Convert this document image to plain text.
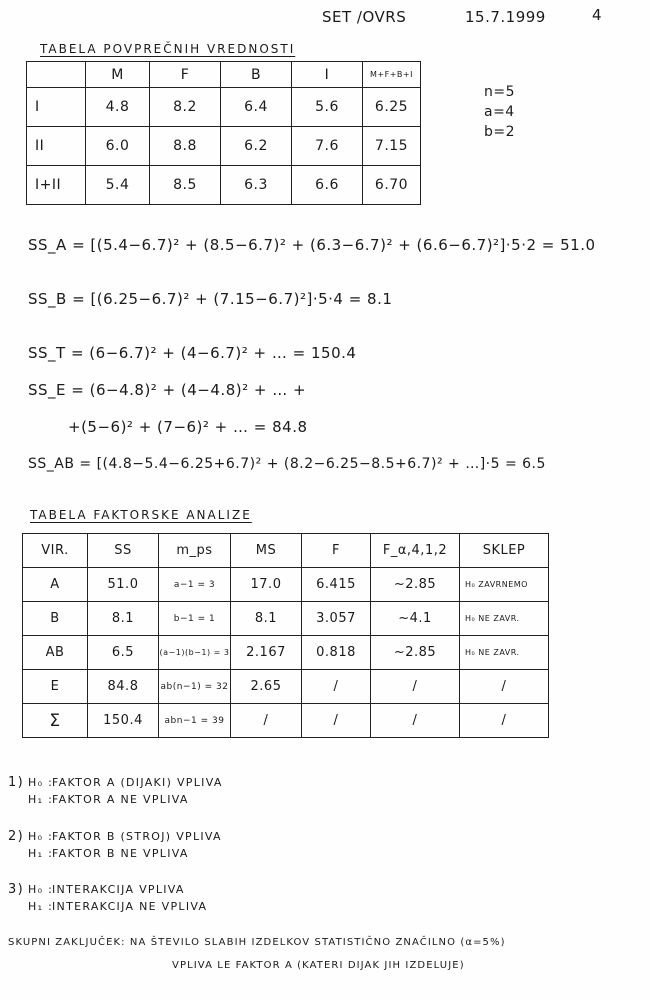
SET /OVRS	15.7.1999	4
TABELA POVPREČNIH VREDNOSTI
	M	F	B	I	M+F+B+I
I	4.8	8.2	6.4	5.6	6.25
II	6.0	8.8	6.2	7.6	7.15
I+II	5.4	8.5	6.3	6.6	6.70
n=5
a=4
b=2
SS_A = [(5.4−6.7)² + (8.5−6.7)² + (6.3−6.7)² + (6.6−6.7)²]·5·2 = 51.0
SS_B = [(6.25−6.7)² + (7.15−6.7)²]·5·4 = 8.1
SS_T = (6−6.7)² + (4−6.7)² + … = 150.4
SS_E = (6−4.8)² + (4−4.8)² + … +
+(5−6)² + (7−6)² + … = 84.8
SS_AB = [(4.8−5.4−6.25+6.7)² + (8.2−6.25−8.5+6.7)² + …]·5 = 6.5
TABELA FAKTORSKE ANALIZE
VIR.	SS	m_ps	MS	F	F_α,4,1,2	SKLEP
A	51.0	a−1 = 3	17.0	6.415	~2.85	H₀ ZAVRNEMO
B	8.1	b−1 = 1	8.1	3.057	~4.1	H₀ NE ZAVR.
AB	6.5	(a−1)(b−1) = 3	2.167	0.818	~2.85	H₀ NE ZAVR.
E	84.8	ab(n−1) = 32	2.65	/	/	/
Σ	150.4	abn−1 = 39	/	/	/	/
1) H₀ :FAKTOR A (DIJAKI) VPLIVA
H₁ :FAKTOR A NE VPLIVA
2) H₀ :FAKTOR B (STROJ) VPLIVA
H₁ :FAKTOR B NE VPLIVA
3) H₀ :INTERAKCIJA VPLIVA
H₁ :INTERAKCIJA NE VPLIVA
SKUPNI ZAKLJUČEK: NA ŠTEVILO SLABIH IZDELKOV STATISTIČNO ZNAČILNO (α=5%)
VPLIVA LE FAKTOR A (KATERI DIJAK JIH IZDELUJE)
